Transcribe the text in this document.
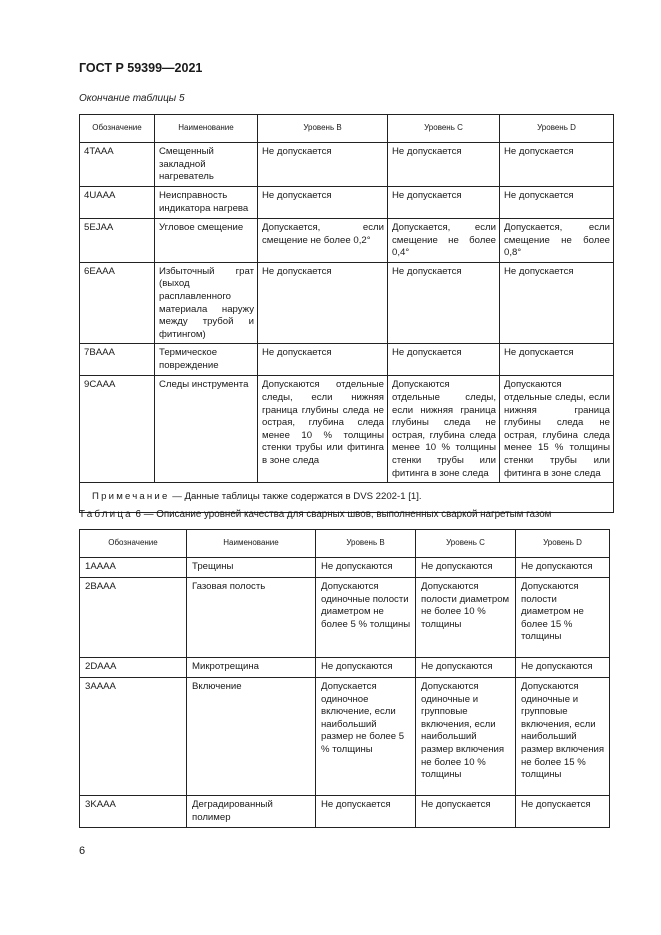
ГОСТ Р 59399—2021
Окончание таблицы 5
Обозначение	Наименование	Уровень B	Уровень C	Уровень D
4TAAA	Смещенный закладной нагреватель	Не допускается	Не допускается	Не допускается
4UAAA	Неисправность индикатора нагрева	Не допускается	Не допускается	Не допускается
5EJAA	Угловое смещение	Допускается, если смещение не более 0,2°	Допускается, если смещение не более 0,4°	Допускается, если смещение не более 0,8°
6EAAA	Избыточный грат (выход расплавленного материала наружу между трубой и фитингом)	Не допускается	Не допускается	Не допускается
7BAAA	Термическое повреждение	Не допускается	Не допускается	Не допускается
9CAAA	Следы инструмента	Допускаются отдельные следы, если нижняя граница глубины следа не острая, глубина следа менее 10 % толщины стенки трубы или фитинга в зоне следа	Допускаются отдельные следы, если нижняя граница глубины следа не острая, глубина следа менее 10 % толщины стенки трубы или фитинга в зоне следа	Допускаются отдельные следы, если нижняя граница глубины следа не острая, глубина следа менее 15 % толщины стенки трубы или фитинга в зоне следа
Примечание — Данные таблицы также содержатся в DVS 2202-1 [1].				
Таблица 6 — Описание уровней качества для сварных швов, выполненных сваркой нагретым газом
Обозначение	Наименование	Уровень B	Уровень C	Уровень D
1AAAA	Трещины	Не допускаются	Не допускаются	Не допускаются
2BAAA	Газовая полость	Допускаются одиночные полости диаметром не более 5 % толщины	Допускаются полости диаметром не более 10 % толщины	Допускаются полости диаметром не более 15 % толщины
2DAAA	Микротрещина	Не допускаются	Не допускаются	Не допускаются
3AAAA	Включение	Допускается одиночное включение, если наибольший размер не более 5 % толщины	Допускаются одиночные и групповые включения, если наибольший размер включения не более 10 % толщины	Допускаются одиночные и групповые включения, если наибольший размер включения не более 15 % толщины
3KAAA	Деградированный полимер	Не допускается	Не допускается	Не допускается
6
